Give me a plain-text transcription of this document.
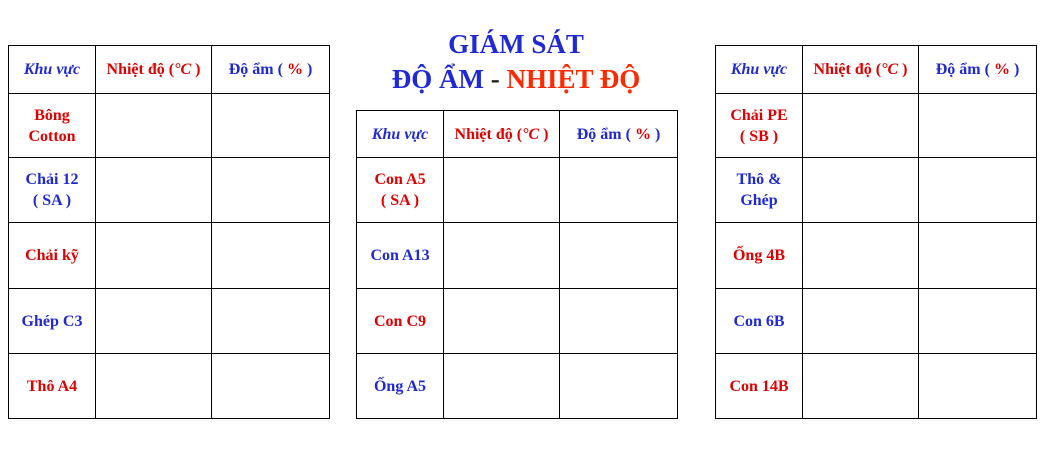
GIÁM SÁT
ĐỘ ẨM - NHIỆT ĐỘ
Khu vực	Nhiệt độ (°C )	Độ ẩm ( % )

Bông
Cotton		

Chải 12
( SA )		

Chải kỹ		

Ghép C3		

Thô A4		

Khu vực	Nhiệt độ (°C )	Độ ẩm ( % )

Con A5
( SA )		

Con A13		

Con C9		

Ống A5		

Khu vực	Nhiệt độ (°C )	Độ ẩm ( % )

Chải PE
( SB )		

Thô &
Ghép		

Ống 4B		

Con 6B		

Con 14B		
